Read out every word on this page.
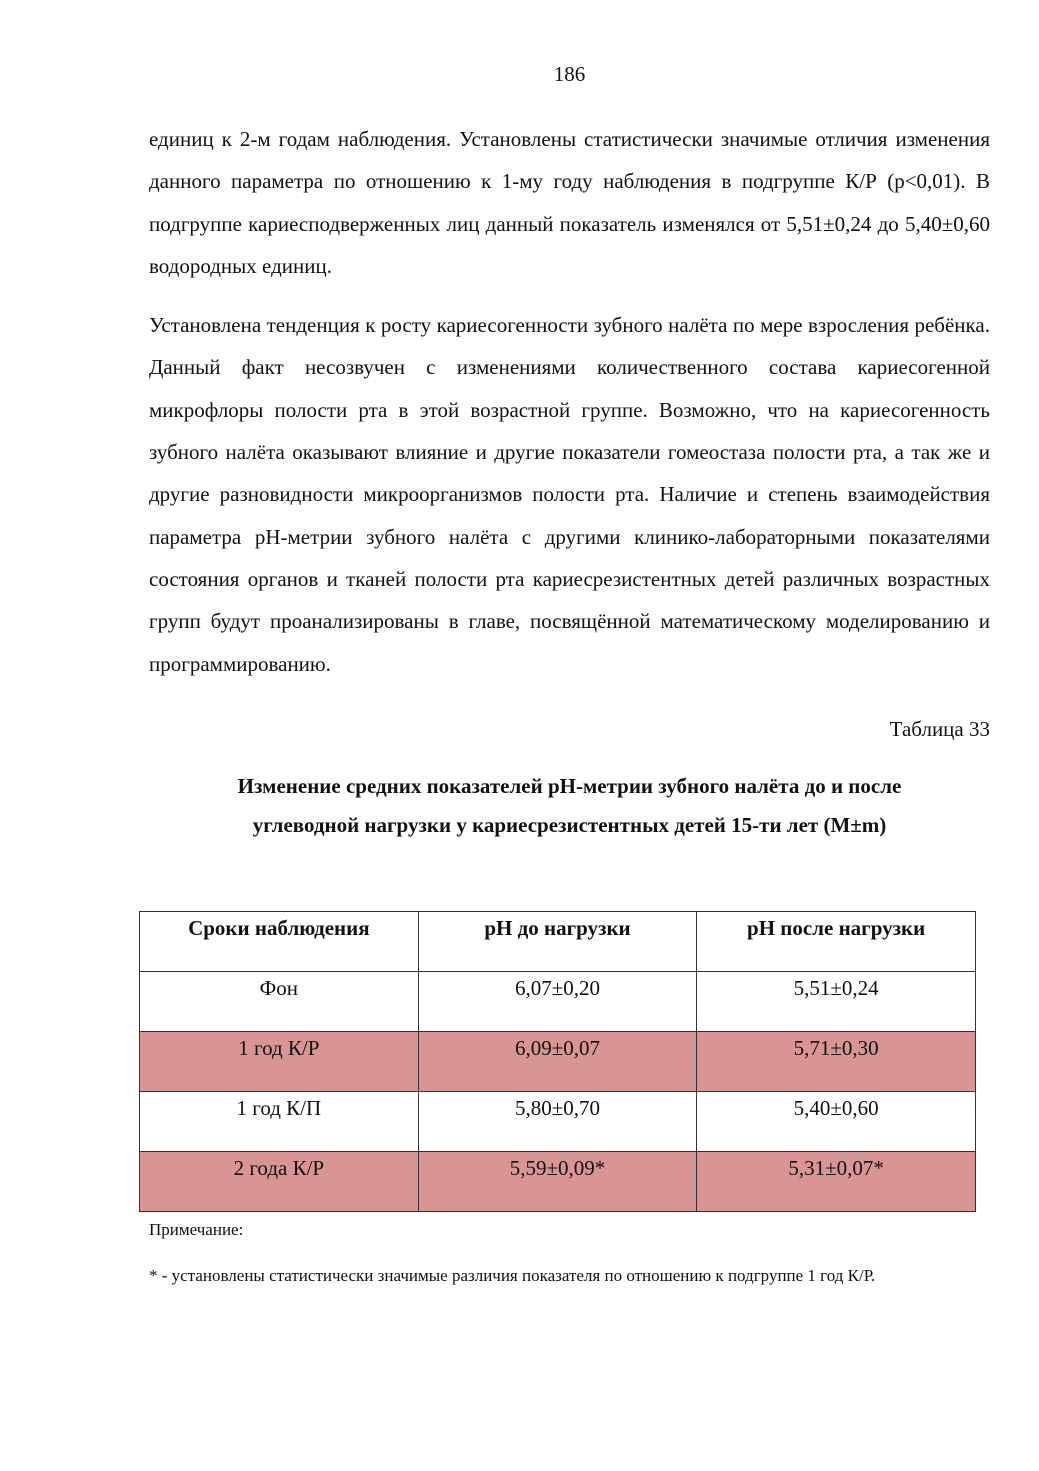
186

единиц к 2-м годам наблюдения. Установлены статистически значимые отличия изменения данного параметра по отношению к 1-му году наблюдения в подгруппе К/Р (р<0,01). В подгруппе кариесподверженных лиц данный показатель изменялся от 5,51±0,24 до 5,40±0,60 водородных единиц.

Установлена тенденция к росту кариесогенности зубного налёта по мере взросления ребёнка. Данный факт несозвучен с изменениями количественного состава кариесогенной микрофлоры полости рта в этой возрастной группе. Возможно, что на кариесогенность зубного налёта оказывают влияние и другие показатели гомеостаза полости рта, а так же и другие разновидности микроорганизмов полости рта. Наличие и степень взаимодействия параметра рН-метрии зубного налёта с другими клинико-лабораторными показателями состояния органов и тканей полости рта кариесрезистентных детей различных возрастных групп будут проанализированы в главе, посвящённой математическому моделированию и программированию.

Таблица 33
Изменение средних показателей рН-метрии зубного налёта до и после
углеводной нагрузки у кариесрезистентных детей 15-ти лет (M±m)
Сроки наблюдения	рН до нагрузки	рН после нагрузки
Фон	6,07±0,20	5,51±0,24
1 год К/Р	6,09±0,07	5,71±0,30
1 год К/П	5,80±0,70	5,40±0,60
2 года К/Р	5,59±0,09*	5,31±0,07*
Примечание:
* - установлены статистически значимые различия показателя по отношению к подгруппе 1 год К/Р.
